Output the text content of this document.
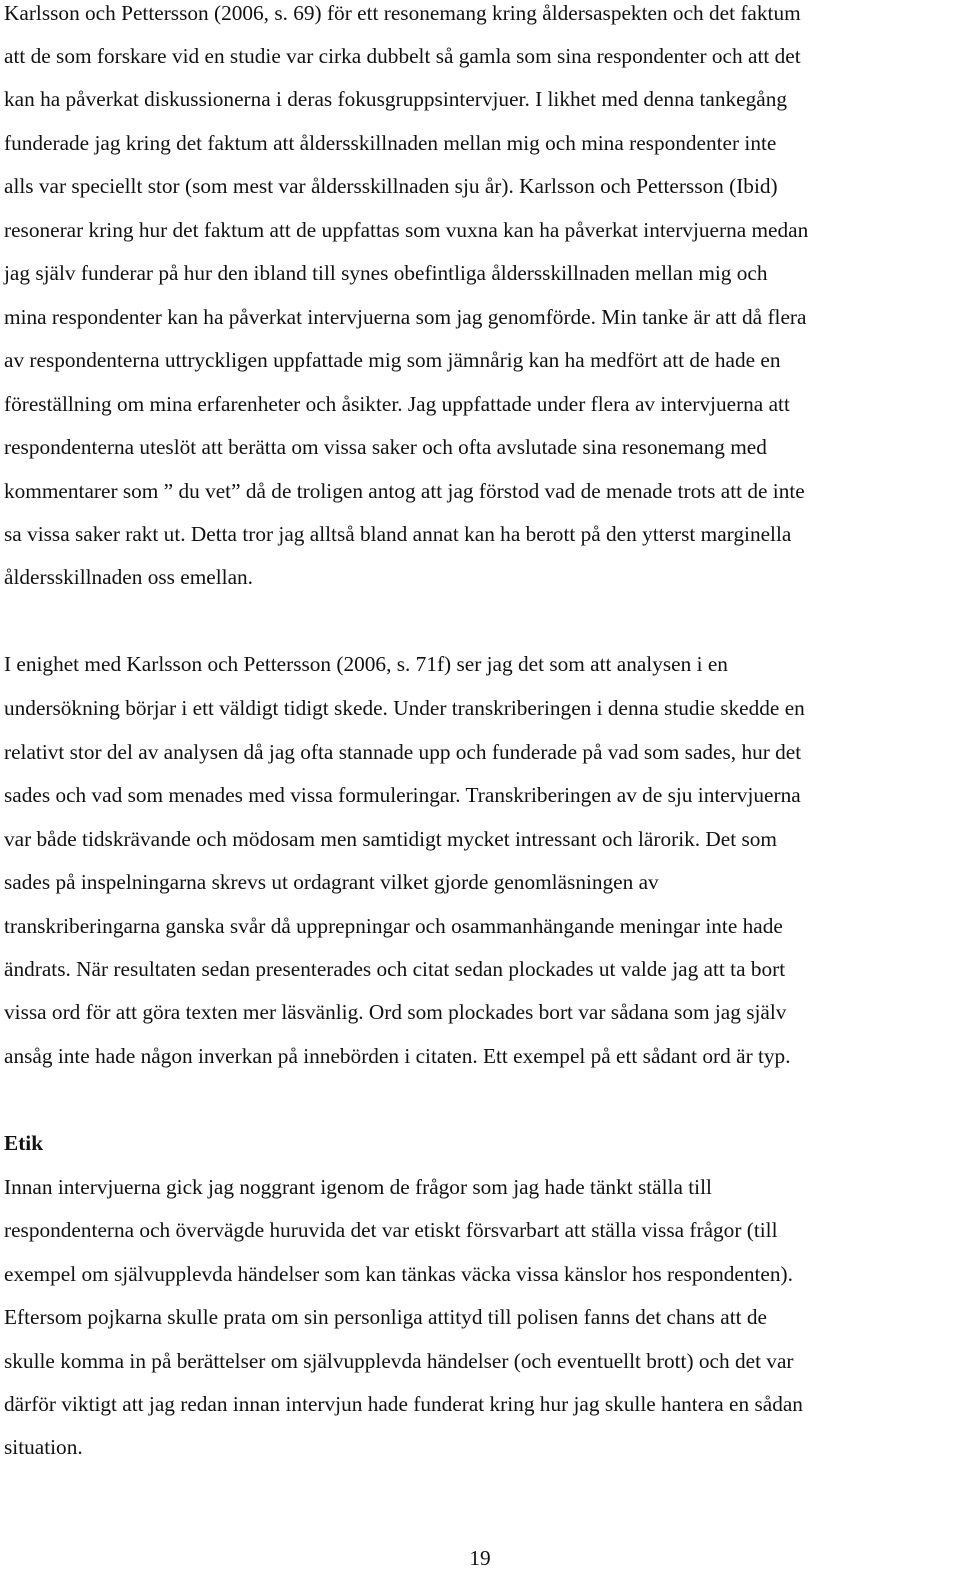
Karlsson och Pettersson (2006, s. 69) för ett resonemang kring åldersaspekten och det faktum
att de som forskare vid en studie var cirka dubbelt så gamla som sina respondenter och att det
kan ha påverkat diskussionerna i deras fokusgruppsintervjuer. I likhet med denna tankegång
funderade jag kring det faktum att åldersskillnaden mellan mig och mina respondenter inte
alls var speciellt stor (som mest var åldersskillnaden sju år). Karlsson och Pettersson (Ibid)
resonerar kring hur det faktum att de uppfattas som vuxna kan ha påverkat intervjuerna medan
jag själv funderar på hur den ibland till synes obefintliga åldersskillnaden mellan mig och
mina respondenter kan ha påverkat intervjuerna som jag genomförde. Min tanke är att då flera
av respondenterna uttryckligen uppfattade mig som jämnårig kan ha medfört att de hade en
föreställning om mina erfarenheter och åsikter. Jag uppfattade under flera av intervjuerna att
respondenterna uteslöt att berätta om vissa saker och ofta avslutade sina resonemang med
kommentarer som ” du vet” då de troligen antog att jag förstod vad de menade trots att de inte
sa vissa saker rakt ut. Detta tror jag alltså bland annat kan ha berott på den ytterst marginella
åldersskillnaden oss emellan.
I enighet med Karlsson och Pettersson (2006, s. 71f) ser jag det som att analysen i en
undersökning börjar i ett väldigt tidigt skede. Under transkriberingen i denna studie skedde en
relativt stor del av analysen då jag ofta stannade upp och funderade på vad som sades, hur det
sades och vad som menades med vissa formuleringar. Transkriberingen av de sju intervjuerna
var både tidskrävande och mödosam men samtidigt mycket intressant och lärorik. Det som
sades på inspelningarna skrevs ut ordagrant vilket gjorde genomläsningen av
transkriberingarna ganska svår då upprepningar och osammanhängande meningar inte hade
ändrats. När resultaten sedan presenterades och citat sedan plockades ut valde jag att ta bort
vissa ord för att göra texten mer läsvänlig. Ord som plockades bort var sådana som jag själv
ansåg inte hade någon inverkan på innebörden i citaten. Ett exempel på ett sådant ord är typ.
Etik
Innan intervjuerna gick jag noggrant igenom de frågor som jag hade tänkt ställa till
respondenterna och övervägde huruvida det var etiskt försvarbart att ställa vissa frågor (till
exempel om självupplevda händelser som kan tänkas väcka vissa känslor hos respondenten).
Eftersom pojkarna skulle prata om sin personliga attityd till polisen fanns det chans att de
skulle komma in på berättelser om självupplevda händelser (och eventuellt brott) och det var
därför viktigt att jag redan innan intervjun hade funderat kring hur jag skulle hantera en sådan
situation.
19
